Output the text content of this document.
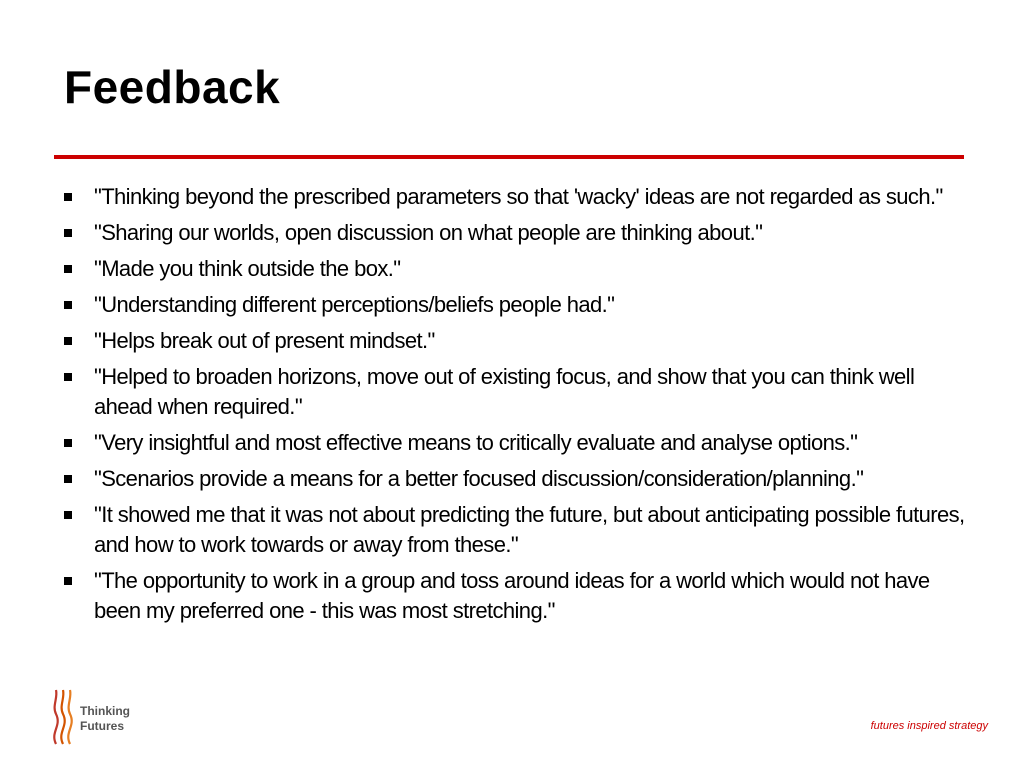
Feedback
"Thinking beyond the prescribed parameters so that 'wacky' ideas are not regarded as such."
"Sharing our worlds, open discussion on what people are thinking about."
"Made you think outside the box."
"Understanding different perceptions/beliefs people had."
"Helps break out of present mindset."
"Helped to broaden horizons, move out of existing focus, and show that you can think well ahead when required."
"Very insightful and most effective means to critically evaluate and analyse options."
"Scenarios provide a means for a better focused discussion/consideration/planning."
"It showed me that it was not about predicting the future, but about anticipating possible futures, and how to work towards or away from these."
"The opportunity to work in a group and toss around ideas for a world which would not have been my preferred one - this was most stretching."
Thinking
Futures	futures inspired strategy
